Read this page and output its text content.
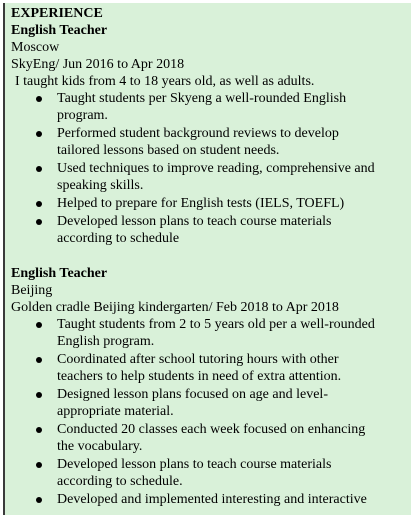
EXPERIENCE
English Teacher
Moscow
SkyEng/ Jun 2016 to Apr 2018
I taught kids from 4 to 18 years old, as well as adults.
Taught students per Skyeng a well-rounded English program.
Performed student background reviews to develop tailored lessons based on student needs.
Used techniques to improve reading, comprehensive and speaking skills.
Helped to prepare for English tests (IELS, TOEFL)
Developed lesson plans to teach course materials according to schedule
English Teacher
Beijing
Golden cradle Beijing kindergarten/ Feb 2018 to Apr 2018
Taught students from 2 to 5 years old per a well-rounded English program.
Coordinated after school tutoring hours with other teachers to help students in need of extra attention.
Designed lesson plans focused on age and level-appropriate material.
Conducted 20 classes each week focused on enhancing the vocabulary.
Developed lesson plans to teach course materials according to schedule.
Developed and implemented interesting and interactive
